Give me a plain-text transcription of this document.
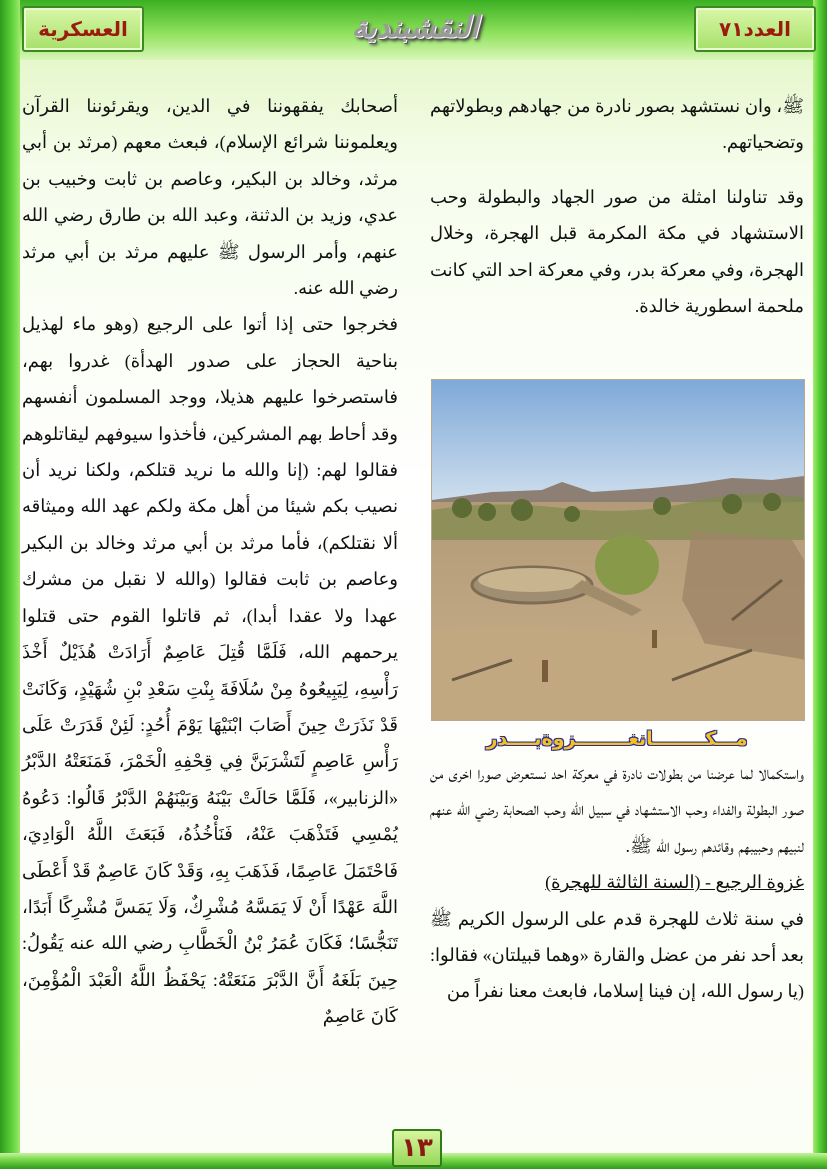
العسكرية	النقشبندية	العدد٧١

ﷺ، وان نستشهد بصور نادرة من جهادهم وبطولاتهم وتضحياتهم.

وقد تناولنا امثلة من صور الجهاد والبطولة وحب الاستشهاد في مكة المكرمة قبل الهجرة، وخلال الهجرة، وفي معركة بدر، وفي معركة احد التي كانت ملحمة اسطورية خالدة.

مـــكــــــــانغــــــــزوةبــــدر

واستكمالا لما عرضنا من بطولات نادرة في معركة احد نستعرض صورا اخرى من صور البطولة والفداء وحب الاستشهاد في سبيل الله وحب الصحابة رضي الله عنهم لنبيهم وحبيبهم وقائدهم رسول الله ﷺ.

غزوة الرجيع - (السنة الثالثة للهجرة)

في سنة ثلاث للهجرة قدم على الرسول الكريم ﷺ بعد أحد نفر من عضل والقارة «وهما قبيلتان» فقالوا: (يا رسول الله، إن فينا إسلاما، فابعث معنا نفراً من

أصحابك يفقهوننا في الدين، ويقرئوننا القرآن ويعلموننا شرائع الإسلام)، فبعث معهم (مرثد بن أبي مرثد، وخالد بن البكير، وعاصم بن ثابت وخبيب بن عدي، وزيد بن الدثنة، وعبد الله بن طارق رضي الله عنهم، وأمر الرسول ﷺ عليهم مرثد بن أبي مرثد رضي الله عنه.

فخرجوا حتى إذا أتوا على الرجيع (وهو ماء لهذيل بناحية الحجاز على صدور الهدأة) غدروا بهم، فاستصرخوا عليهم هذيلا، ووجد المسلمون أنفسهم وقد أحاط بهم المشركين، فأخذوا سيوفهم ليقاتلوهم فقالوا لهم: (إنا والله ما نريد قتلكم، ولكنا نريد أن نصيب بكم شيئا من أهل مكة ولكم عهد الله وميثاقه ألا نقتلكم)، فأما مرثد بن أبي مرثد وخالد بن البكير وعاصم بن ثابت فقالوا (والله لا نقبل من مشرك عهدا ولا عقدا أبدا)، ثم قاتلوا القوم حتى قتلوا يرحمهم الله، فَلَمَّا قُتِلَ عَاصِمٌ أَرَادَتْ هُذَيْلٌ أَخْذَ رَأْسِهِ، لِيَبِيعُوهُ مِنْ سُلَافَةَ بِنْتِ سَعْدِ بْنِ شُهَيْدٍ، وَكَانَتْ قَدْ نَذَرَتْ حِينَ أَصَابَ ابْنَيْهَا يَوْمَ أُحُدٍ: لَئِنْ قَدَرَتْ عَلَى رَأْسِ عَاصِمٍ لَتَشْرَبَنَّ فِي قِحْفِهِ الْخَمْرَ، فَمَنَعَتْهُ الدَّبْرُ «الزنابير»، فَلَمَّا حَالَتْ بَيْنَهُ وَبَيْنَهُمْ الدَّبْرُ قَالُوا: دَعُوهُ يُمْسِي فَتَذْهَبَ عَنْهُ، فَنَأْخُذُهُ، فَبَعَثَ اللَّهُ الْوَادِيَ، فَاحْتَمَلَ عَاصِمًا، فَذَهَبَ بِهِ، وَقَدْ كَانَ عَاصِمٌ قَدْ أَعْطَى اللَّهَ عَهْدًا أَنْ لَا يَمَسَّهُ مُشْرِكٌ، وَلَا يَمَسَّ مُشْرِكًا أَبَدًا، تَنَجُّسًا؛ فَكَانَ عُمَرُ بْنُ الْخَطَّابِ رضي الله عنه يَقُولُ: حِينَ بَلَغَهُ أَنَّ الدَّبْرَ مَنَعَتْهُ: يَحْفَظُ اللَّهُ الْعَبْدَ الْمُؤْمِنَ، كَانَ عَاصِمٌ

١٣
